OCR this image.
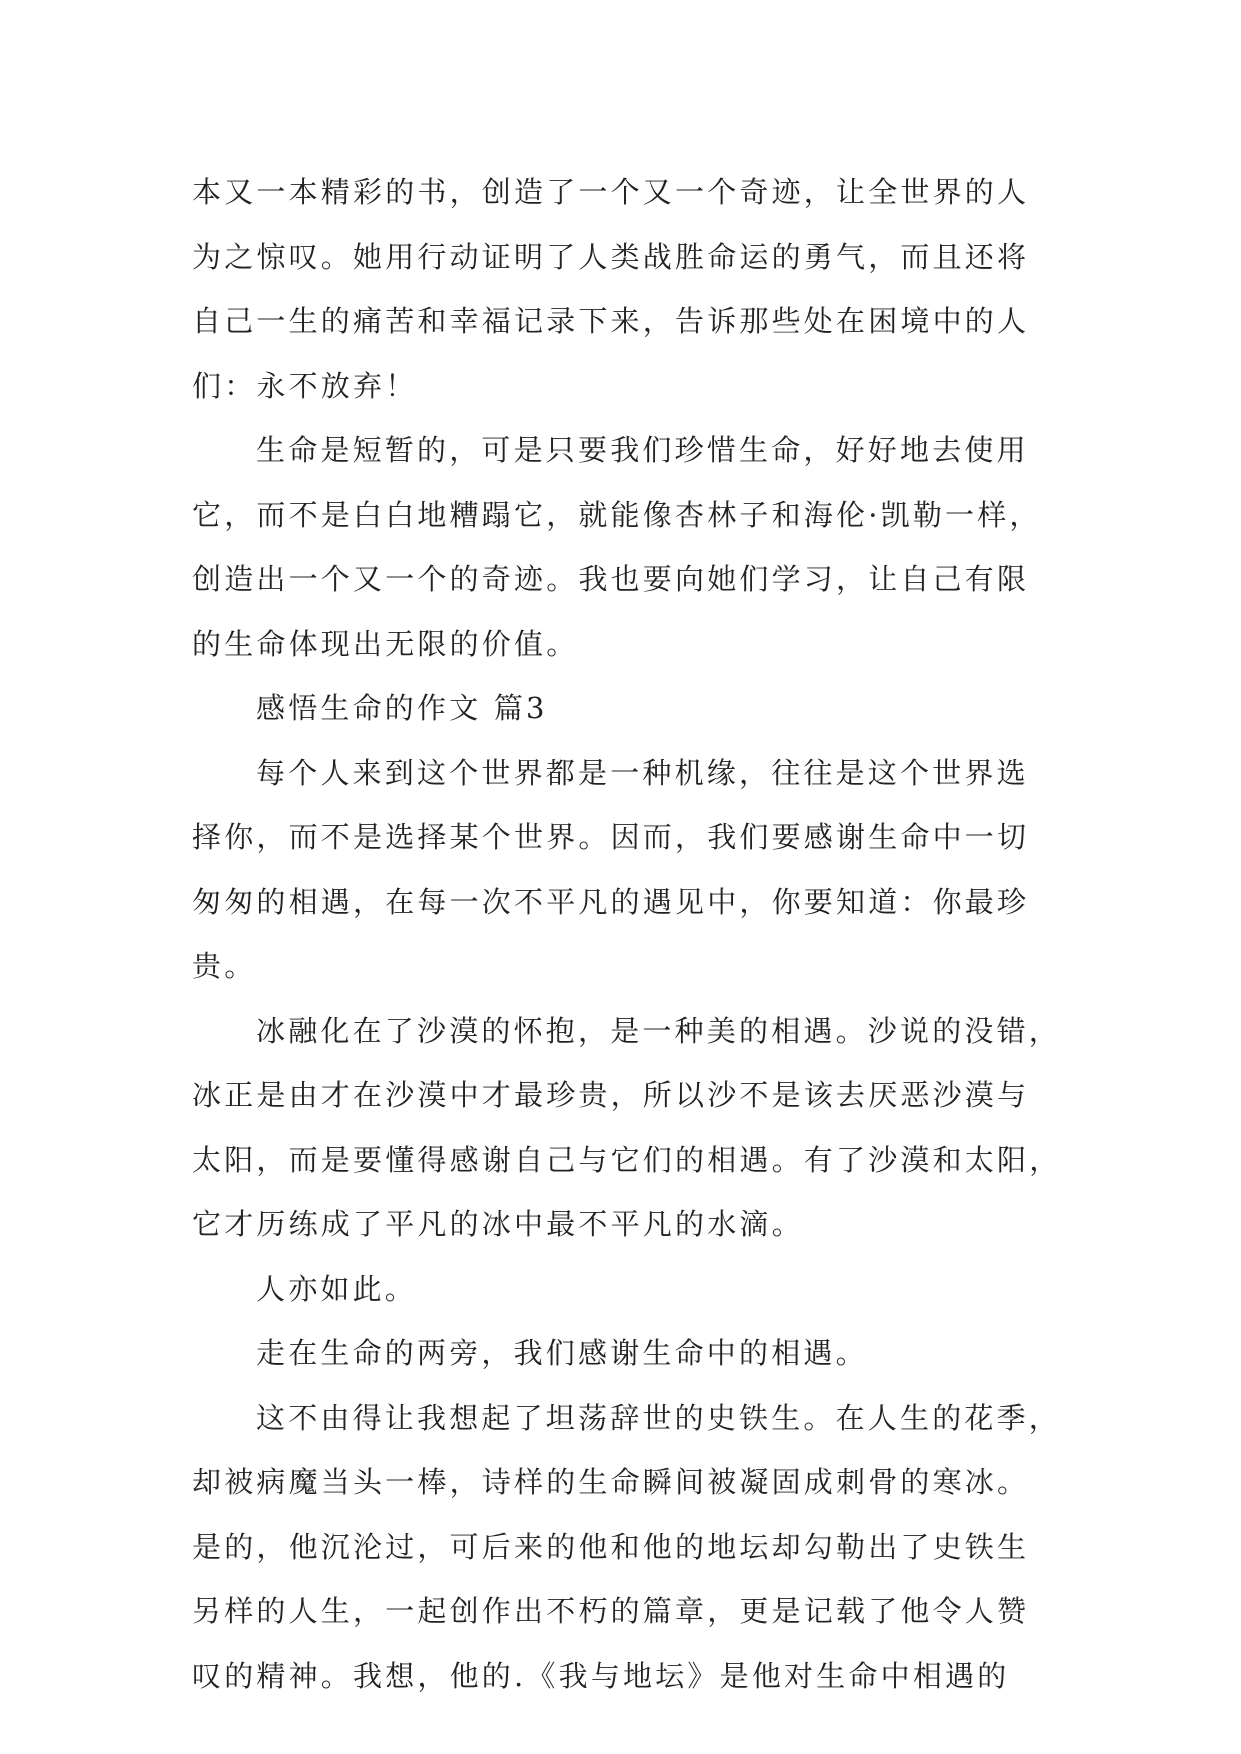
本又一本精彩的书，创造了一个又一个奇迹，让全世界的人
为之惊叹。她用行动证明了人类战胜命运的勇气，而且还将
自己一生的痛苦和幸福记录下来，告诉那些处在困境中的人
们：永不放弃！
生命是短暂的，可是只要我们珍惜生命，好好地去使用
它，而不是白白地糟蹋它，就能像杏林子和海伦·凯勒一样，
创造出一个又一个的奇迹。我也要向她们学习，让自己有限
的生命体现出无限的价值。
感悟生命的作文 篇3
每个人来到这个世界都是一种机缘，往往是这个世界选
择你，而不是选择某个世界。因而，我们要感谢生命中一切
匆匆的相遇，在每一次不平凡的遇见中，你要知道：你最珍
贵。
冰融化在了沙漠的怀抱，是一种美的相遇。沙说的没错，
冰正是由才在沙漠中才最珍贵，所以沙不是该去厌恶沙漠与
太阳，而是要懂得感谢自己与它们的相遇。有了沙漠和太阳，
它才历练成了平凡的冰中最不平凡的水滴。
人亦如此。
走在生命的两旁，我们感谢生命中的相遇。
这不由得让我想起了坦荡辞世的史铁生。在人生的花季，
却被病魔当头一棒，诗样的生命瞬间被凝固成刺骨的寒冰。
是的，他沉沦过，可后来的他和他的地坛却勾勒出了史铁生
另样的人生，一起创作出不朽的篇章，更是记载了他令人赞
叹的精神。我想，他的.《我与地坛》是他对生命中相遇的
